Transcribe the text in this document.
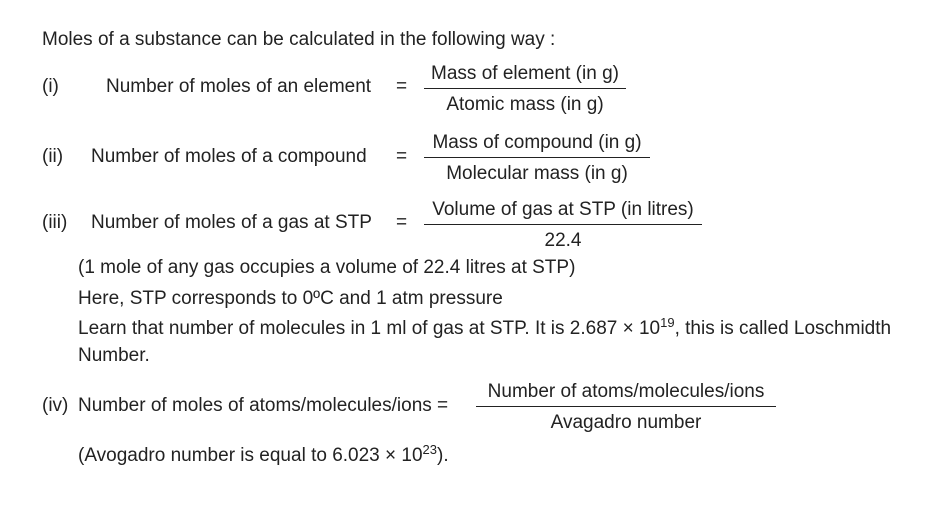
Moles of a substance can be calculated in the following way :
(i) Number of moles of an element =
Mass of element (in g)
Atomic mass (in g)
(ii) Number of moles of a compound =
Mass of compound (in g)
Molecular mass (in g)
(iii) Number of moles of a gas at STP =
Volume of gas at STP (in litres)
22.4
(1 mole of any gas occupies a volume of 22.4 litres at STP)
Here, STP corresponds to 0ºC and 1 atm pressure
Learn that number of molecules in 1 ml of gas at STP. It is $2.687 \times 10^{19}$, this is called Loschmidth
Number.
(iv) Number of moles of atoms/molecules/ions =
Number of atoms/molecules/ions
Avagadro number
(Avogadro number is equal to $6.023 \times 10^{23}$).
